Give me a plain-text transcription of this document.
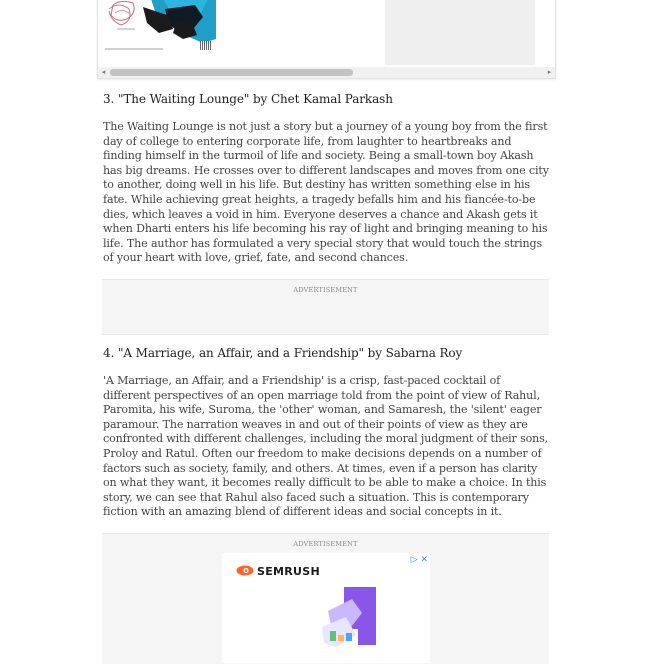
◂	▸
3. "The Waiting Lounge" by Chet Kamal Parkash

The Waiting Lounge is not just a story but a journey of a young boy from the first day of college to entering corporate life, from laughter to heartbreaks and finding himself in the turmoil of life and society. Being a small-town boy Akash has big dreams. He crosses over to different landscapes and moves from one city to another, doing well in his life. But destiny has written something else in his fate. While achieving great heights, a tragedy befalls him and his fiancée-to-be dies, which leaves a void in him. Everyone deserves a chance and Akash gets it when Dharti enters his life becoming his ray of light and bringing meaning to his life. The author has formulated a very special story that would touch the strings of your heart with love, grief, fate, and second chances.

ADVERTISEMENT
4. "A Marriage, an Affair, and a Friendship" by Sabarna Roy

'A Marriage, an Affair, and a Friendship' is a crisp, fast-paced cocktail of different perspectives of an open marriage told from the point of view of Rahul, Paromita, his wife, Suroma, the 'other' woman, and Samaresh, the 'silent' eager paramour. The narration weaves in and out of their points of view as they are confronted with different challenges, including the moral judgment of their sons, Proloy and Ratul. Often our freedom to make decisions depends on a number of factors such as society, family, and others. At times, even if a person has clarity on what they want, it becomes really difficult to be able to make a choice. In this story, we can see that Rahul also faced such a situation. This is contemporary fiction with an amazing blend of different ideas and social concepts in it.

ADVERTISEMENT
▷ ✕
SEMRUSH
